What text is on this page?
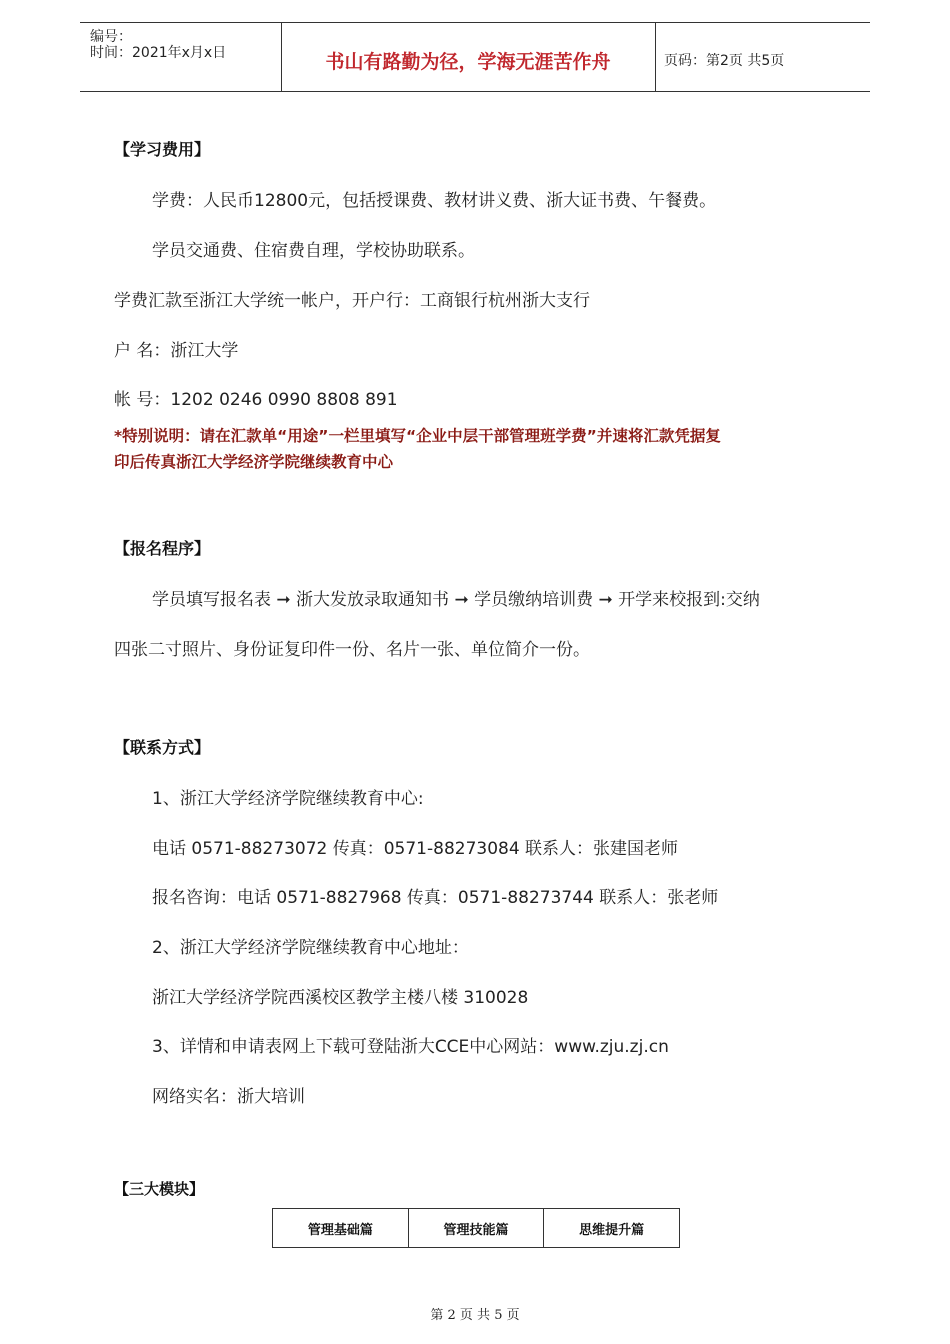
编号：
时间：2021年x月x日	书山有路勤为径，学海无涯苦作舟	页码：第2页 共5页
【学习费用】
学费：人民币12800元，包括授课费、教材讲义费、浙大证书费、午餐费。
学员交通费、住宿费自理，学校协助联系。
学费汇款至浙江大学统一帐户，开户行：工商银行杭州浙大支行
户 名：浙江大学
帐 号：1202 0246 0990 8808 891
*特别说明：请在汇款单“用途”一栏里填写“企业中层干部管理班学费”并速将汇款凭据复
印后传真浙江大学经济学院继续教育中心
【报名程序】
学员填写报名表 ➞ 浙大发放录取通知书 ➞ 学员缴纳培训费 ➞ 开学来校报到:交纳
四张二寸照片、身份证复印件一份、名片一张、单位简介一份。
【联系方式】
1、浙江大学经济学院继续教育中心:
电话 0571-88273072 传真：0571-88273084 联系人：张建国老师
报名咨询：电话 0571-8827968 传真：0571-88273744 联系人：张老师
2、浙江大学经济学院继续教育中心地址：
浙江大学经济学院西溪校区教学主楼八楼 310028
3、详情和申请表网上下载可登陆浙大CCE中心网站：www.zju.zj.cn
网络实名：浙大培训
【三大模块】
管理基础篇	管理技能篇	思维提升篇
第 2 页 共 5 页
